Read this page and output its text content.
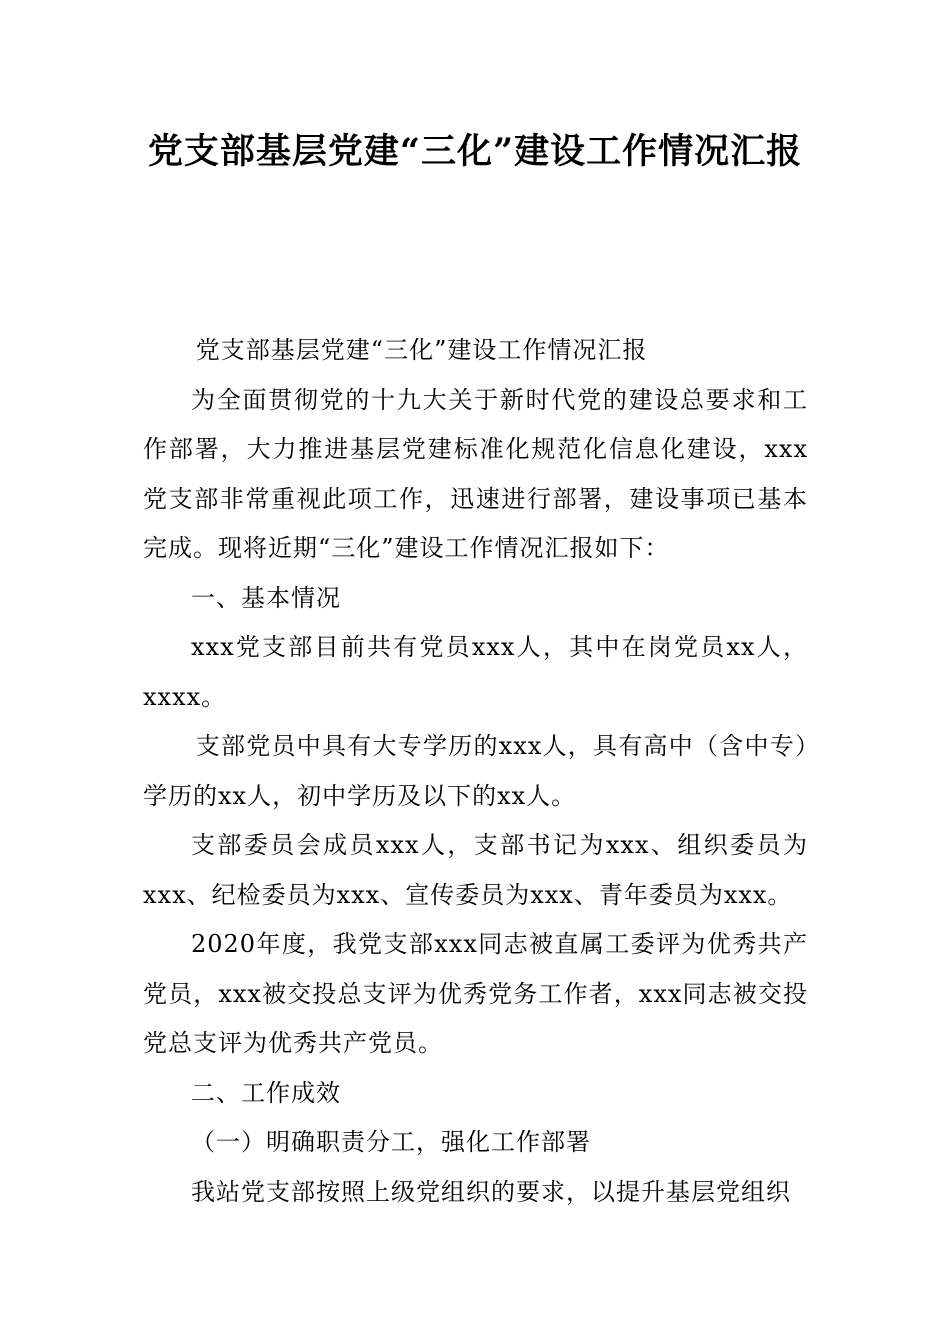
党支部基层党建“三化”建设工作情况汇报

党支部基层党建“三化”建设工作情况汇报

为全面贯彻党的十九大关于新时代党的建设总要求和工作部署，大力推进基层党建标准化规范化信息化建设，xxx党支部非常重视此项工作，迅速进行部署，建设事项已基本完成。现将近期“三化”建设工作情况汇报如下：

一、基本情况

xxx党支部目前共有党员xxx人，其中在岗党员xx人，xxxx。

支部党员中具有大专学历的xxx人，具有高中（含中专）学历的xx人，初中学历及以下的xx人。

支部委员会成员xxx人，支部书记为xxx、组织委员为xxx、纪检委员为xxx、宣传委员为xxx、青年委员为xxx。

2020年度，我党支部xxx同志被直属工委评为优秀共产党员，xxx被交投总支评为优秀党务工作者，xxx同志被交投党总支评为优秀共产党员。

二、工作成效

（一）明确职责分工，强化工作部署

我站党支部按照上级党组织的要求，以提升基层党组织
